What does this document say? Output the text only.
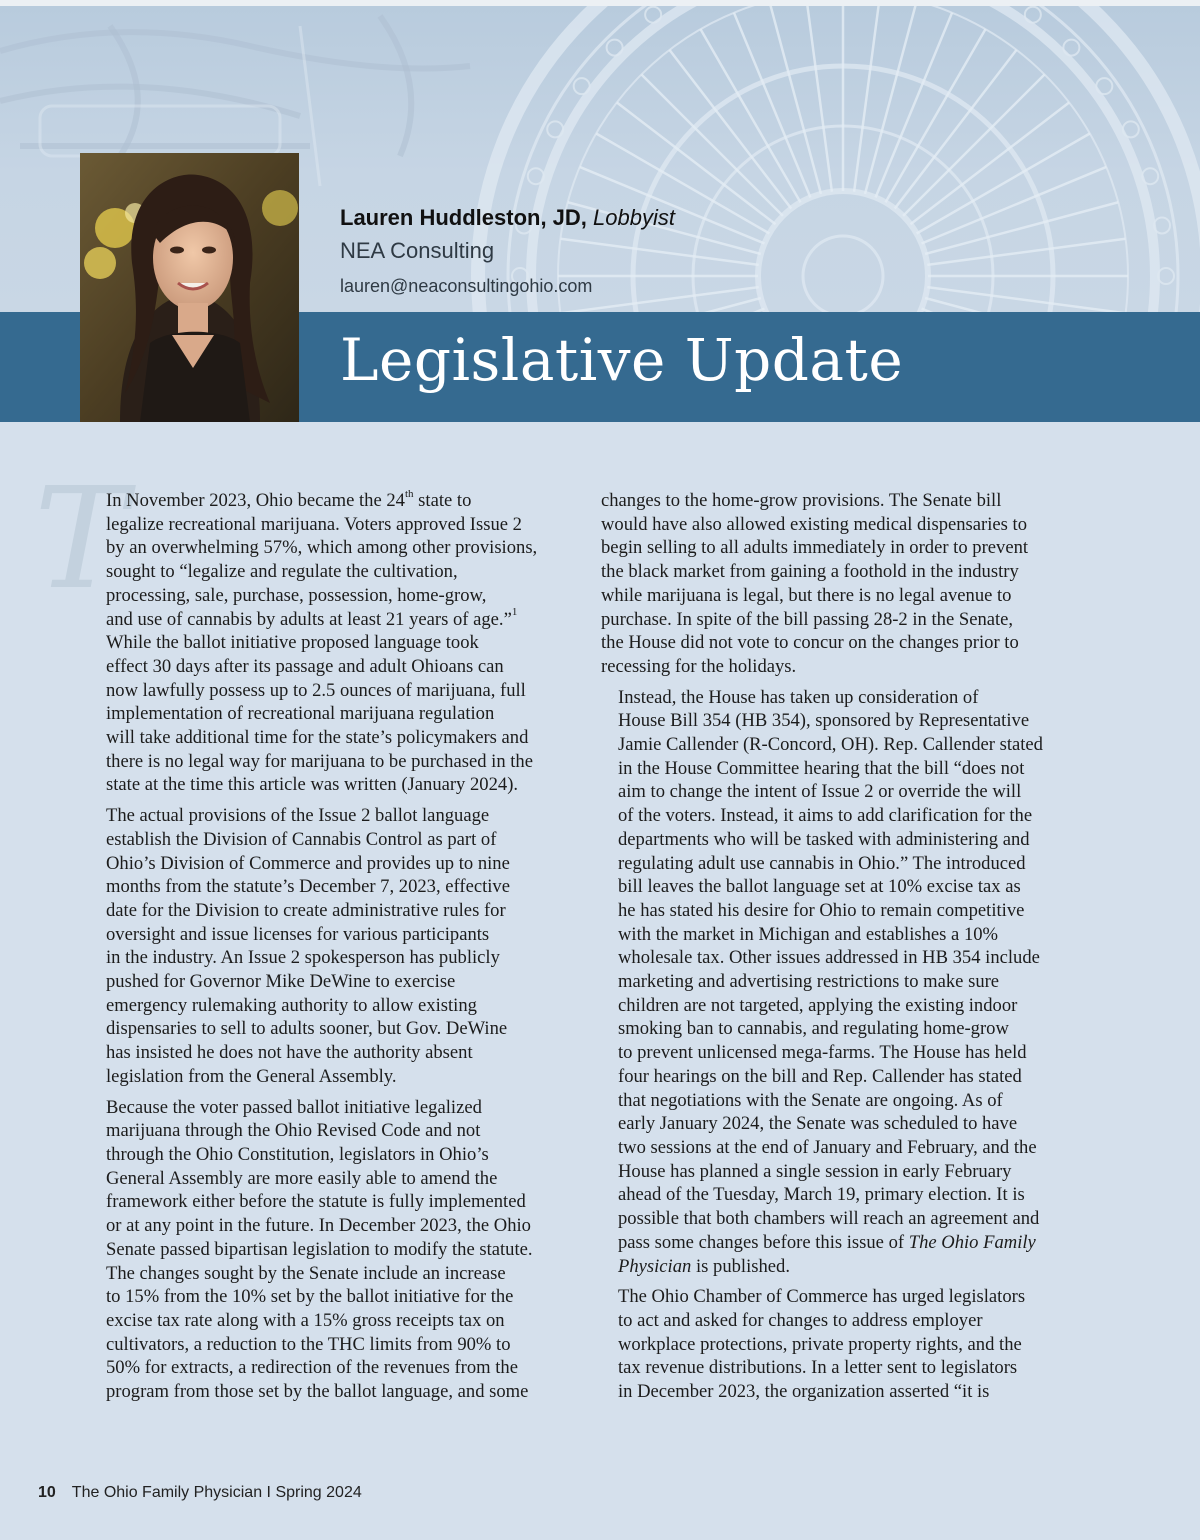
Legislative Update
Lauren Huddleston, JD, Lobbyist
NEA Consulting
lauren@neaconsultingohio.com
T

In November 2023, Ohio became the 24th state to
legalize recreational marijuana. Voters approved Issue 2
by an overwhelming 57%, which among other provisions,
sought to “legalize and regulate the cultivation,
processing, sale, purchase, possession, home-grow,
and use of cannabis by adults at least 21 years of age.”$^1$
While the ballot initiative proposed language took
effect 30 days after its passage and adult Ohioans can
now lawfully possess up to 2.5 ounces of marijuana, full
implementation of recreational marijuana regulation
will take additional time for the state’s policymakers and
there is no legal way for marijuana to be purchased in the
state at the time this article was written (January 2024).

The actual provisions of the Issue 2 ballot language
establish the Division of Cannabis Control as part of
Ohio’s Division of Commerce and provides up to nine
months from the statute’s December 7, 2023, effective
date for the Division to create administrative rules for
oversight and issue licenses for various participants
in the industry. An Issue 2 spokesperson has publicly
pushed for Governor Mike DeWine to exercise
emergency rulemaking authority to allow existing
dispensaries to sell to adults sooner, but Gov. DeWine
has insisted he does not have the authority absent
legislation from the General Assembly.

Because the voter passed ballot initiative legalized
marijuana through the Ohio Revised Code and not
through the Ohio Constitution, legislators in Ohio’s
General Assembly are more easily able to amend the
framework either before the statute is fully implemented
or at any point in the future. In December 2023, the Ohio
Senate passed bipartisan legislation to modify the statute.
The changes sought by the Senate include an increase
to 15% from the 10% set by the ballot initiative for the
excise tax rate along with a 15% gross receipts tax on
cultivators, a reduction to the THC limits from 90% to
50% for extracts, a redirection of the revenues from the
program from those set by the ballot language, and some

changes to the home-grow provisions. The Senate bill
would have also allowed existing medical dispensaries to
begin selling to all adults immediately in order to prevent
the black market from gaining a foothold in the industry
while marijuana is legal, but there is no legal avenue to
purchase. In spite of the bill passing 28-2 in the Senate,
the House did not vote to concur on the changes prior to
recessing for the holidays.

Instead, the House has taken up consideration of
House Bill 354 (HB 354), sponsored by Representative
Jamie Callender (R-Concord, OH). Rep. Callender stated
in the House Committee hearing that the bill “does not
aim to change the intent of Issue 2 or override the will
of the voters. Instead, it aims to add clarification for the
departments who will be tasked with administering and
regulating adult use cannabis in Ohio.” The introduced
bill leaves the ballot language set at 10% excise tax as
he has stated his desire for Ohio to remain competitive
with the market in Michigan and establishes a 10%
wholesale tax. Other issues addressed in HB 354 include
marketing and advertising restrictions to make sure
children are not targeted, applying the existing indoor
smoking ban to cannabis, and regulating home-grow
to prevent unlicensed mega-farms. The House has held
four hearings on the bill and Rep. Callender has stated
that negotiations with the Senate are ongoing. As of
early January 2024, the Senate was scheduled to have
two sessions at the end of January and February, and the
House has planned a single session in early February
ahead of the Tuesday, March 19, primary election. It is
possible that both chambers will reach an agreement and
pass some changes before this issue of The Ohio Family
Physician is published.

The Ohio Chamber of Commerce has urged legislators
to act and asked for changes to address employer
workplace protections, private property rights, and the
tax revenue distributions. In a letter sent to legislators
in December 2023, the organization asserted “it is

10 The Ohio Family Physician I Spring 2024
